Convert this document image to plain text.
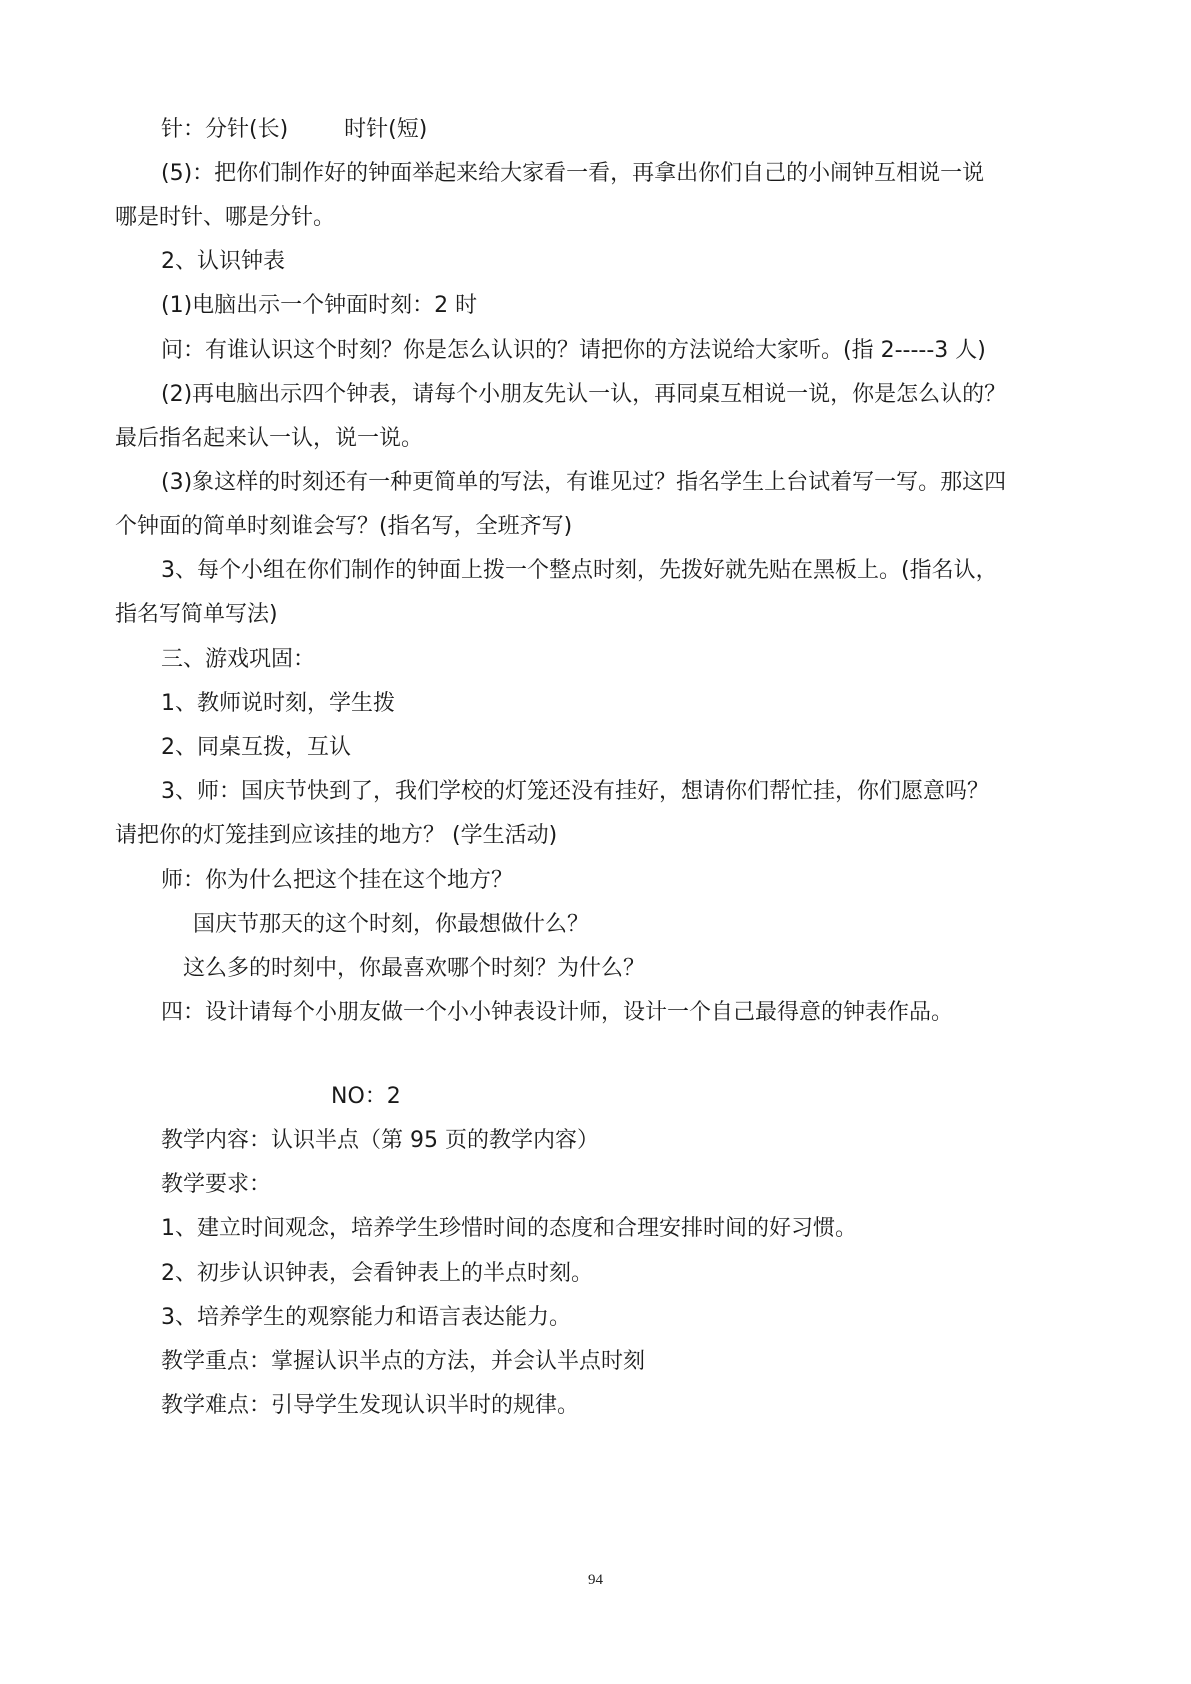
针：分针(长)        时针(短)
(5)：把你们制作好的钟面举起来给大家看一看，再拿出你们自己的小闹钟互相说一说
哪是时针、哪是分针。
2、认识钟表
(1)电脑出示一个钟面时刻：2 时
问：有谁认识这个时刻？你是怎么认识的？请把你的方法说给大家听。(指 2-----3 人)
(2)再电脑出示四个钟表，请每个小朋友先认一认，再同桌互相说一说，你是怎么认的？
最后指名起来认一认，说一说。
(3)象这样的时刻还有一种更简单的写法，有谁见过？指名学生上台试着写一写。那这四
个钟面的简单时刻谁会写？(指名写，全班齐写)
3、每个小组在你们制作的钟面上拨一个整点时刻，先拨好就先贴在黑板上。(指名认，
指名写简单写法)
三、游戏巩固：
1、教师说时刻，学生拨
2、同桌互拨，互认
3、师：国庆节快到了，我们学校的灯笼还没有挂好，想请你们帮忙挂，你们愿意吗？
请把你的灯笼挂到应该挂的地方？ (学生活动)
师：你为什么把这个挂在这个地方？
国庆节那天的这个时刻，你最想做什么？
这么多的时刻中，你最喜欢哪个时刻？为什么？
四：设计请每个小朋友做一个小小钟表设计师，设计一个自己最得意的钟表作品。
NO：2
教学内容：认识半点（第 95 页的教学内容）
教学要求：
1、建立时间观念，培养学生珍惜时间的态度和合理安排时间的好习惯。
2、初步认识钟表，会看钟表上的半点时刻。
3、培养学生的观察能力和语言表达能力。
教学重点：掌握认识半点的方法，并会认半点时刻
教学难点：引导学生发现认识半时的规律。
94
